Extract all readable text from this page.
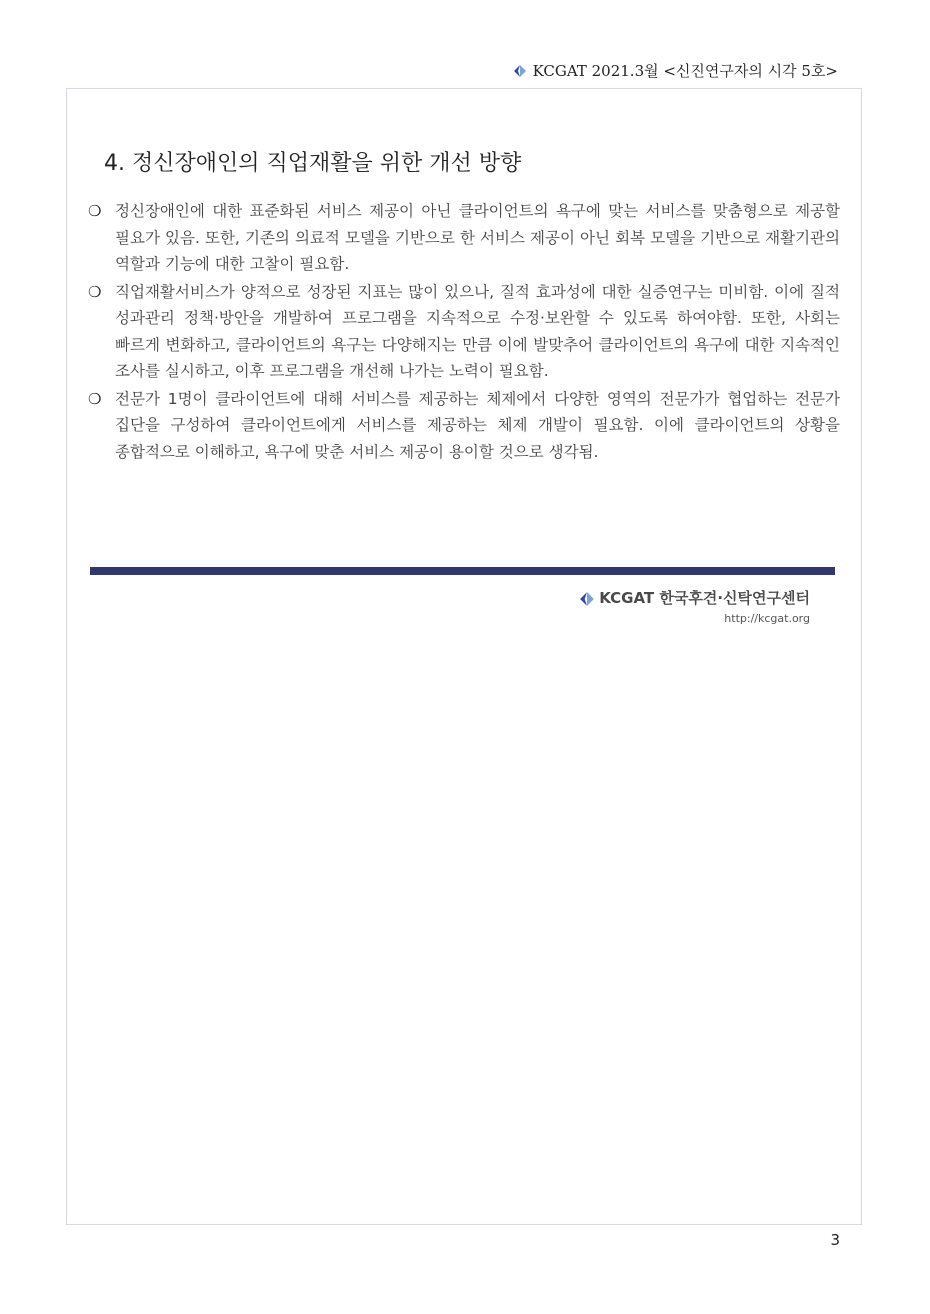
KCGAT 2021.3월 <신진연구자의 시각 5호>
4. 정신장애인의 직업재활을 위한 개선 방향
❍ 정신장애인에 대한 표준화된 서비스 제공이 아닌 클라이언트의 욕구에 맞는 서비스를 맞춤형으로 제공할 필요가 있음. 또한, 기존의 의료적 모델을 기반으로 한 서비스 제공이 아닌 회복 모델을 기반으로 재활기관의 역할과 기능에 대한 고찰이 필요함.
❍ 직업재활서비스가 양적으로 성장된 지표는 많이 있으나, 질적 효과성에 대한 실증연구는 미비함. 이에 질적 성과관리 정책·방안을 개발하여 프로그램을 지속적으로 수정·보완할 수 있도록 하여야함. 또한, 사회는 빠르게 변화하고, 클라이언트의 욕구는 다양해지는 만큼 이에 발맞추어 클라이언트의 욕구에 대한 지속적인 조사를 실시하고, 이후 프로그램을 개선해 나가는 노력이 필요함.
❍ 전문가 1명이 클라이언트에 대해 서비스를 제공하는 체제에서 다양한 영역의 전문가가 협업하는 전문가 집단을 구성하여 클라이언트에게 서비스를 제공하는 체제 개발이 필요함. 이에 클라이언트의 상황을 종합적으로 이해하고, 욕구에 맞춘 서비스 제공이 용이할 것으로 생각됨.
KCGAT 한국후견·신탁연구센터
http://kcgat.org
3
